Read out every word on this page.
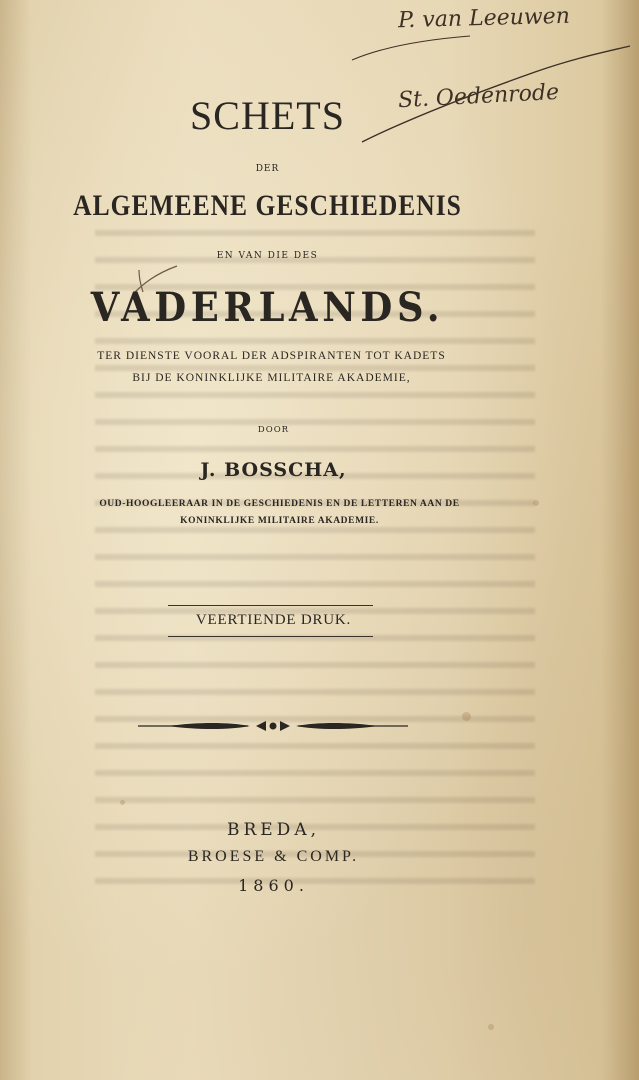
P. van Leeuwen

St. Oedenrode

SCHETS

DER

ALGEMEENE GESCHIEDENIS

EN VAN DIE DES

VADERLANDS.

TER DIENSTE VOORAL DER ADSPIRANTEN TOT KADETS

BIJ DE KONINKLIJKE MILITAIRE AKADEMIE,

DOOR

J. BOSSCHA,

OUD-HOOGLEERAAR IN DE GESCHIEDENIS EN DE LETTEREN AAN DE

KONINKLIJKE MILITAIRE AKADEMIE.

VEERTIENDE DRUK.

BREDA,

BROESE & COMP.

1860.
